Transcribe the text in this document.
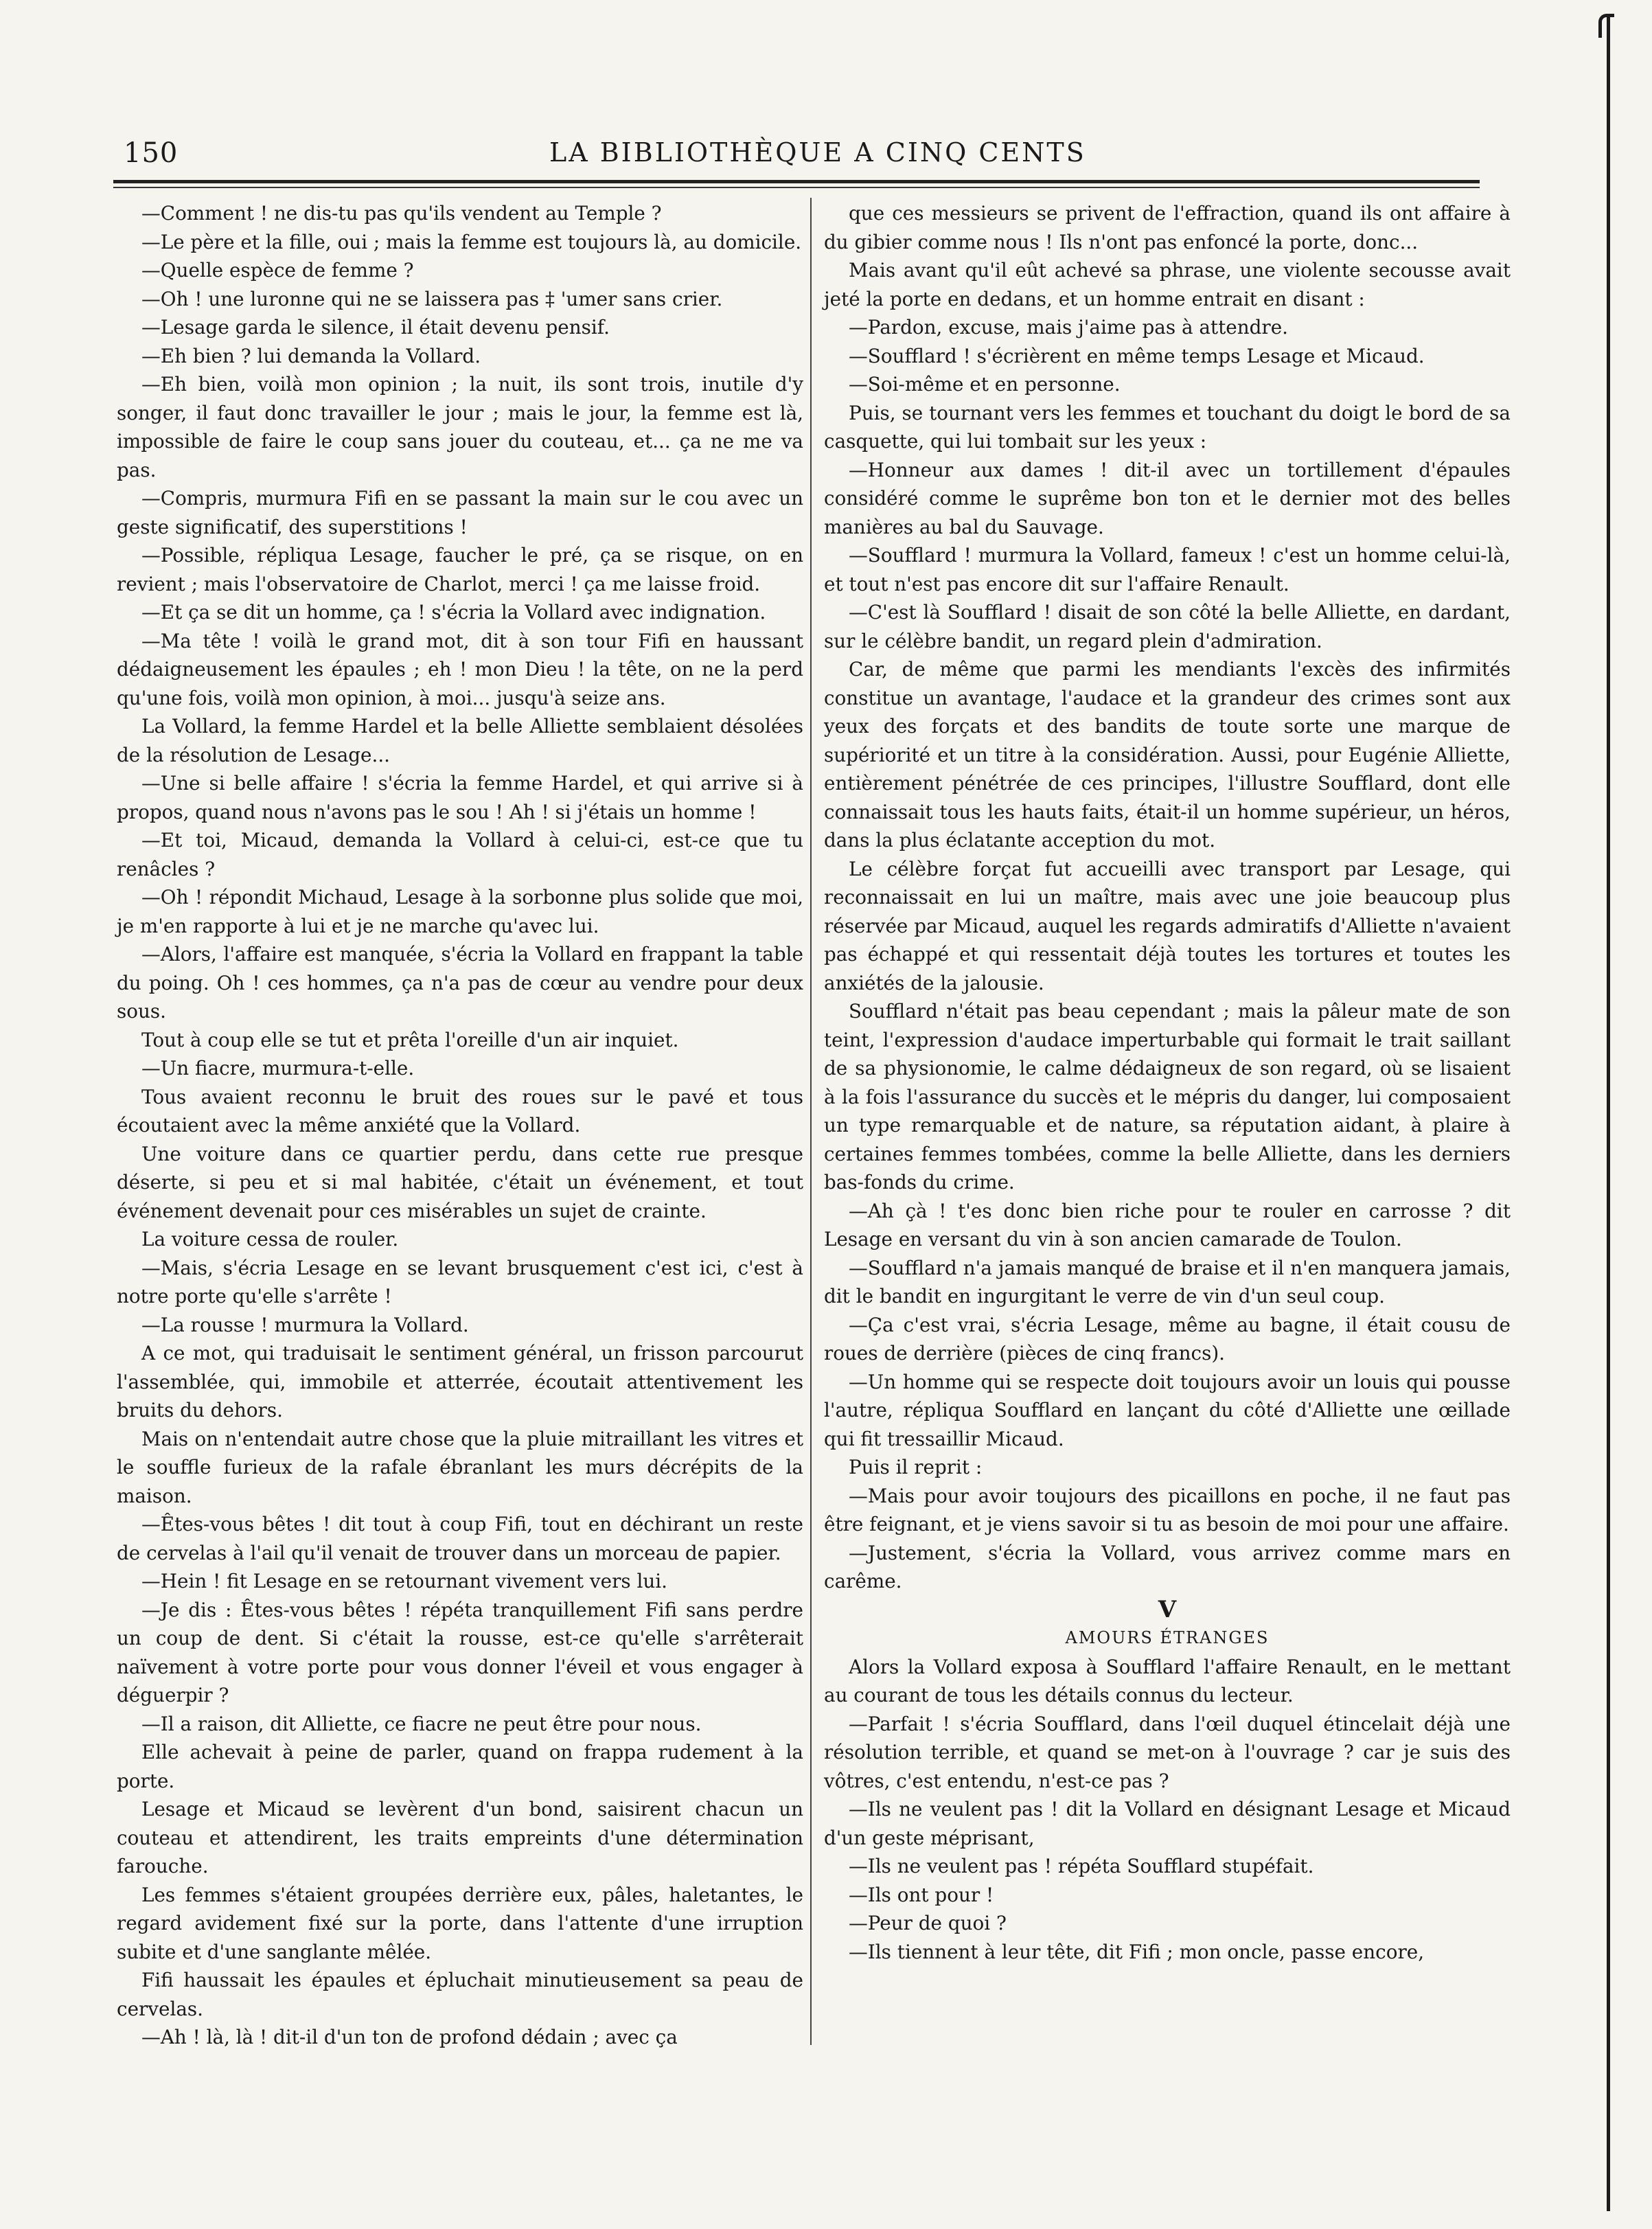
150	LA BIBLIOTHÈQUE A CINQ CENTS

—Comment ! ne dis-tu pas qu'ils vendent au Temple ?

—Le père et la fille, oui ; mais la femme est toujours là, au domicile.

—Quelle espèce de femme ?

—Oh ! une luronne qui ne se laissera pas ‡ 'umer sans crier.

—Lesage garda le silence, il était devenu pensif.

—Eh bien ? lui demanda la Vollard.

—Eh bien, voilà mon opinion ; la nuit, ils sont trois, inutile d'y songer, il faut donc travailler le jour ; mais le jour, la femme est là, impossible de faire le coup sans jouer du couteau, et... ça ne me va pas.

—Compris, murmura Fifi en se passant la main sur le cou avec un geste significatif, des superstitions !

—Possible, répliqua Lesage, faucher le pré, ça se risque, on en revient ; mais l'observatoire de Charlot, merci ! ça me laisse froid.

—Et ça se dit un homme, ça ! s'écria la Vollard avec indignation.

—Ma tête ! voilà le grand mot, dit à son tour Fifi en haussant dédaigneusement les épaules ; eh ! mon Dieu ! la tête, on ne la perd qu'une fois, voilà mon opinion, à moi... jusqu'à seize ans.

La Vollard, la femme Hardel et la belle Alliette semblaient désolées de la résolution de Lesage...

—Une si belle affaire ! s'écria la femme Hardel, et qui arrive si à propos, quand nous n'avons pas le sou ! Ah ! si j'étais un homme !

—Et toi, Micaud, demanda la Vollard à celui-ci, est-ce que tu renâcles ?

—Oh ! répondit Michaud, Lesage à la sorbonne plus solide que moi, je m'en rapporte à lui et je ne marche qu'avec lui.

—Alors, l'affaire est manquée, s'écria la Vollard en frappant la table du poing. Oh ! ces hommes, ça n'a pas de cœur au vendre pour deux sous.

Tout à coup elle se tut et prêta l'oreille d'un air inquiet.

—Un fiacre, murmura-t-elle.

Tous avaient reconnu le bruit des roues sur le pavé et tous écoutaient avec la même anxiété que la Vollard.

Une voiture dans ce quartier perdu, dans cette rue presque déserte, si peu et si mal habitée, c'était un événement, et tout événement devenait pour ces misérables un sujet de crainte.

La voiture cessa de rouler.

—Mais, s'écria Lesage en se levant brusquement c'est ici, c'est à notre porte qu'elle s'arrête !

—La rousse ! murmura la Vollard.

A ce mot, qui traduisait le sentiment général, un frisson parcourut l'assemblée, qui, immobile et atterrée, écoutait attentivement les bruits du dehors.

Mais on n'entendait autre chose que la pluie mitraillant les vitres et le souffle furieux de la rafale ébranlant les murs décrépits de la maison.

—Êtes-vous bêtes ! dit tout à coup Fifi, tout en déchirant un reste de cervelas à l'ail qu'il venait de trouver dans un morceau de papier.

—Hein ! fit Lesage en se retournant vivement vers lui.

—Je dis : Êtes-vous bêtes ! répéta tranquillement Fifi sans perdre un coup de dent. Si c'était la rousse, est-ce qu'elle s'arrêterait naïvement à votre porte pour vous donner l'éveil et vous engager à déguerpir ?

—Il a raison, dit Alliette, ce fiacre ne peut être pour nous.

Elle achevait à peine de parler, quand on frappa rudement à la porte.

Lesage et Micaud se levèrent d'un bond, saisirent chacun un couteau et attendirent, les traits empreints d'une détermination farouche.

Les femmes s'étaient groupées derrière eux, pâles, haletantes, le regard avidement fixé sur la porte, dans l'attente d'une irruption subite et d'une sanglante mêlée.

Fifi haussait les épaules et épluchait minutieusement sa peau de cervelas.

—Ah ! là, là ! dit-il d'un ton de profond dédain ; avec ça

que ces messieurs se privent de l'effraction, quand ils ont affaire à du gibier comme nous ! Ils n'ont pas enfoncé la porte, donc...

Mais avant qu'il eût achevé sa phrase, une violente secousse avait jeté la porte en dedans, et un homme entrait en disant :

—Pardon, excuse, mais j'aime pas à attendre.

—Soufflard ! s'écrièrent en même temps Lesage et Micaud.

—Soi-même et en personne.

Puis, se tournant vers les femmes et touchant du doigt le bord de sa casquette, qui lui tombait sur les yeux :

—Honneur aux dames ! dit-il avec un tortillement d'épaules considéré comme le suprême bon ton et le dernier mot des belles manières au bal du Sauvage.

—Soufflard ! murmura la Vollard, fameux ! c'est un homme celui-là, et tout n'est pas encore dit sur l'affaire Renault.

—C'est là Soufflard ! disait de son côté la belle Alliette, en dardant, sur le célèbre bandit, un regard plein d'admiration.

Car, de même que parmi les mendiants l'excès des infirmités constitue un avantage, l'audace et la grandeur des crimes sont aux yeux des forçats et des bandits de toute sorte une marque de supériorité et un titre à la considération. Aussi, pour Eugénie Alliette, entièrement pénétrée de ces principes, l'illustre Soufflard, dont elle connaissait tous les hauts faits, était-il un homme supérieur, un héros, dans la plus éclatante acception du mot.

Le célèbre forçat fut accueilli avec transport par Lesage, qui reconnaissait en lui un maître, mais avec une joie beaucoup plus réservée par Micaud, auquel les regards admiratifs d'Alliette n'avaient pas échappé et qui ressentait déjà toutes les tortures et toutes les anxiétés de la jalousie.

Soufflard n'était pas beau cependant ; mais la pâleur mate de son teint, l'expression d'audace imperturbable qui formait le trait saillant de sa physionomie, le calme dédaigneux de son regard, où se lisaient à la fois l'assurance du succès et le mépris du danger, lui composaient un type remarquable et de nature, sa réputation aidant, à plaire à certaines femmes tombées, comme la belle Alliette, dans les derniers bas-fonds du crime.

—Ah çà ! t'es donc bien riche pour te rouler en carrosse ? dit Lesage en versant du vin à son ancien camarade de Toulon.

—Soufflard n'a jamais manqué de braise et il n'en manquera jamais, dit le bandit en ingurgitant le verre de vin d'un seul coup.

—Ça c'est vrai, s'écria Lesage, même au bagne, il était cousu de roues de derrière (pièces de cinq francs).

—Un homme qui se respecte doit toujours avoir un louis qui pousse l'autre, répliqua Soufflard en lançant du côté d'Alliette une œillade qui fit tressaillir Micaud.

Puis il reprit :

—Mais pour avoir toujours des picaillons en poche, il ne faut pas être feignant, et je viens savoir si tu as besoin de moi pour une affaire.

—Justement, s'écria la Vollard, vous arrivez comme mars en carême.

V

AMOURS ÉTRANGES

Alors la Vollard exposa à Soufflard l'affaire Renault, en le mettant au courant de tous les détails connus du lecteur.

—Parfait ! s'écria Soufflard, dans l'œil duquel étincelait déjà une résolution terrible, et quand se met-on à l'ouvrage ? car je suis des vôtres, c'est entendu, n'est-ce pas ?

—Ils ne veulent pas ! dit la Vollard en désignant Lesage et Micaud d'un geste méprisant,

—Ils ne veulent pas ! répéta Soufflard stupéfait.

—Ils ont pour !

—Peur de quoi ?

—Ils tiennent à leur tête, dit Fifi ; mon oncle, passe encore,
